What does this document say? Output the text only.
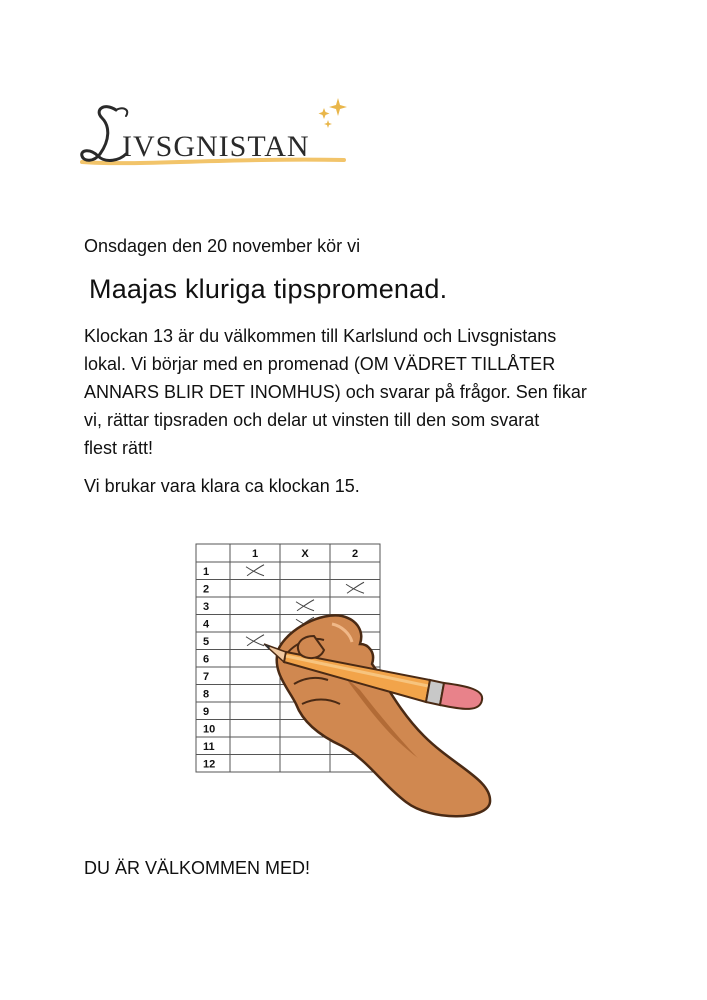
IVSGNISTAN
Onsdagen den 20 november kör vi
Maajas kluriga tipspromenad.
Klockan 13 är du välkommen till Karlslund och Livsgnistans
lokal. Vi börjar med en promenad (OM VÄDRET TILLÅTER
ANNARS BLIR DET INOMHUS) och svarar på frågor. Sen fikar
vi, rättar tipsraden och delar ut vinsten till den som svarat
flest rätt!
Vi brukar vara klara ca klockan 15.
1	X	2
1
2
3
4
5
6
7
8
9
10
11
12
DU ÄR VÄLKOMMEN MED!
